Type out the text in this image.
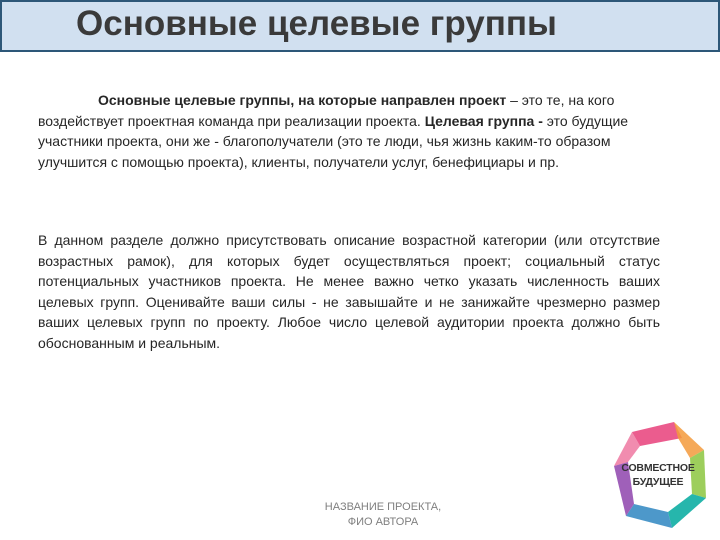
Основные целевые группы
Основные целевые группы, на которые направлен проект – это те, на кого воздействует проектная команда при реализации проекта. Целевая группа - это будущие участники проекта, они же - благополучатели (это те люди, чья жизнь каким-то образом улучшится с помощью проекта), клиенты, получатели услуг, бенефициары и пр.
В данном разделе должно присутствовать описание возрастной категории (или отсутствие возрастных рамок), для которых будет осуществляться проект; социальный статус потенциальных участников проекта. Не менее важно четко указать численность ваших целевых групп. Оценивайте ваши силы - не завышайте и не занижайте чрезмерно размер ваших целевых групп по проекту. Любое число целевой аудитории проекта должно быть обоснованным и реальным.
НАЗВАНИЕ ПРОЕКТА,
ФИО АВТОРА
СОВМЕСТНОЕ
БУДУЩЕЕ
